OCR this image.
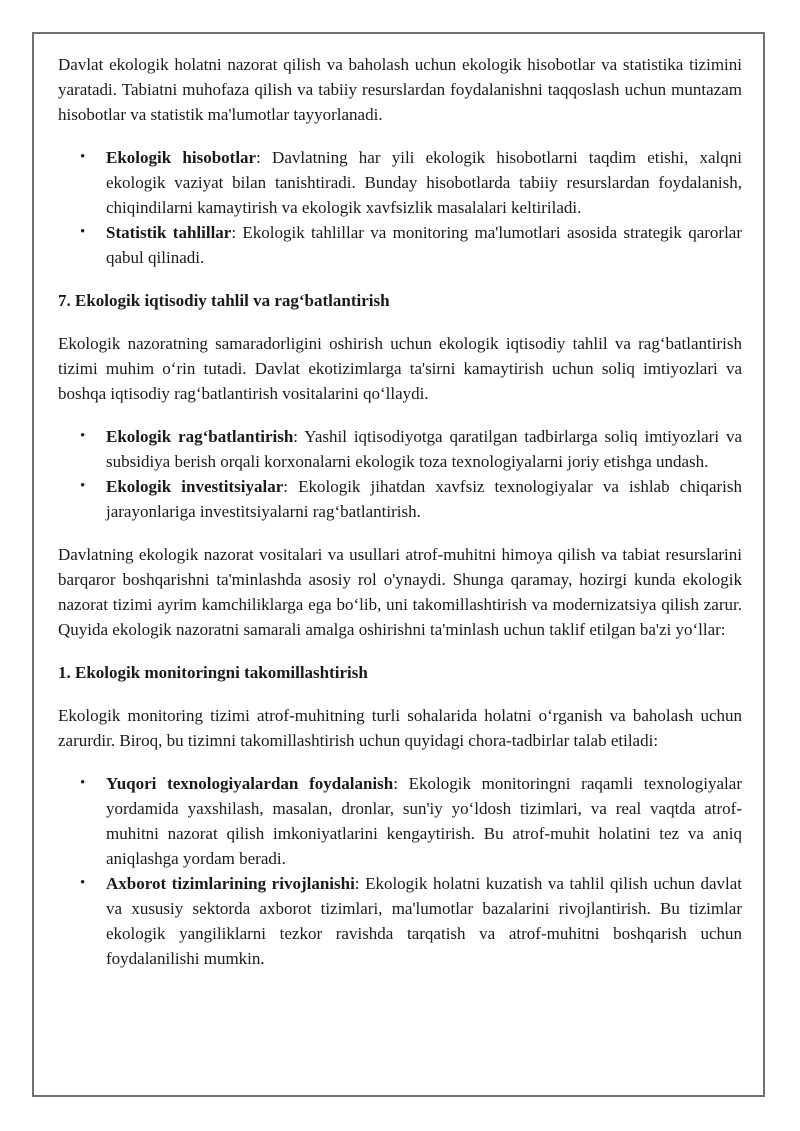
Davlat ekologik holatni nazorat qilish va baholash uchun ekologik hisobotlar va statistika tizimini yaratadi. Tabiatni muhofaza qilish va tabiiy resurslardan foydalanishni taqqoslash uchun muntazam hisobotlar va statistik ma'lumotlar tayyorlanadi.

• Ekologik hisobotlar: Davlatning har yili ekologik hisobotlarni taqdim etishi, xalqni ekologik vaziyat bilan tanishtiradi. Bunday hisobotlarda tabiiy resurslardan foydalanish, chiqindilarni kamaytirish va ekologik xavfsizlik masalalari keltiriladi.
• Statistik tahlillar: Ekologik tahlillar va monitoring ma'lumotlari asosida strategik qarorlar qabul qilinadi.

7. Ekologik iqtisodiy tahlil va rag‘batlantirish

Ekologik nazoratning samaradorligini oshirish uchun ekologik iqtisodiy tahlil va rag‘batlantirish tizimi muhim o‘rin tutadi. Davlat ekotizimlarga ta'sirni kamaytirish uchun soliq imtiyozlari va boshqa iqtisodiy rag‘batlantirish vositalarini qo‘llaydi.

• Ekologik rag‘batlantirish: Yashil iqtisodiyotga qaratilgan tadbirlarga soliq imtiyozlari va subsidiya berish orqali korxonalarni ekologik toza texnologiyalarni joriy etishga undash.
• Ekologik investitsiyalar: Ekologik jihatdan xavfsiz texnologiyalar va ishlab chiqarish jarayonlariga investitsiyalarni rag‘batlantirish.

Davlatning ekologik nazorat vositalari va usullari atrof-muhitni himoya qilish va tabiat resurslarini barqaror boshqarishni ta'minlashda asosiy rol o'ynaydi. Shunga qaramay, hozirgi kunda ekologik nazorat tizimi ayrim kamchiliklarga ega bo‘lib, uni takomillashtirish va modernizatsiya qilish zarur. Quyida ekologik nazoratni samarali amalga oshirishni ta'minlash uchun taklif etilgan ba'zi yo‘llar:

1. Ekologik monitoringni takomillashtirish

Ekologik monitoring tizimi atrof-muhitning turli sohalarida holatni o‘rganish va baholash uchun zarurdir. Biroq, bu tizimni takomillashtirish uchun quyidagi chora-tadbirlar talab etiladi:

• Yuqori texnologiyalardan foydalanish: Ekologik monitoringni raqamli texnologiyalar yordamida yaxshilash, masalan, dronlar, sun'iy yo‘ldosh tizimlari, va real vaqtda atrof-muhitni nazorat qilish imkoniyatlarini kengaytirish. Bu atrof-muhit holatini tez va aniq aniqlashga yordam beradi.
• Axborot tizimlarining rivojlanishi: Ekologik holatni kuzatish va tahlil qilish uchun davlat va xususiy sektorda axborot tizimlari, ma'lumotlar bazalarini rivojlantirish. Bu tizimlar ekologik yangiliklarni tezkor ravishda tarqatish va atrof-muhitni boshqarish uchun foydalanilishi mumkin.
